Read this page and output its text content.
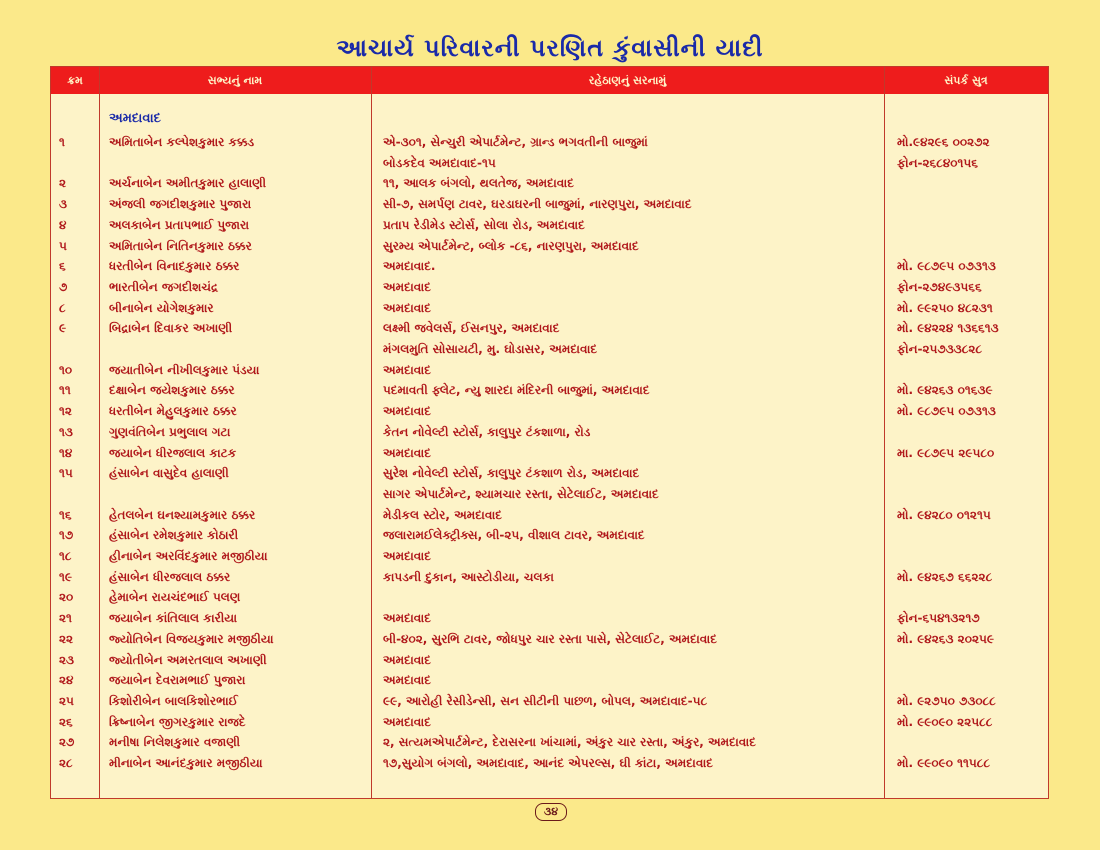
આચાર્ય પરિવારની પરણિત કુંવાસીની યાદી
ક્રમ	સભ્યનું નામ	રહેઠાણનું સરનામું	સંપર્ક સુત્ર
અમદાવાદ
૧	અમિતાબેન કલ્પેશકુમાર કક્કડ	એ-૩૦૧, સેન્ચુરી એપાર્ટમેન્ટ, ગ્રાન્ડ ભગવતીની બાજુમાં	મો.૯૪૨૯૬ ૦૦૨૭૨
બોડકદેવ અમદાવાદ-૧૫	ફોન-૨૬૮૪૦૧૫૬
૨	અર્ચનાબેન અમીતકુમાર હાલાણી	૧૧, આલક બંગલો, થલતેજ, અમદાવાદ
૩	અંજલી જગદીશકુમાર પુજારા	સી-૭, સમર્પણ ટાવર, ઘરડાઘરની બાજુમાં, નારણપુરા, અમદાવાદ
૪	અલકાબેન પ્રતાપભાઈ પુજારા	પ્રતાપ રેડીમેડ સ્ટોર્સ, સોલા રોડ, અમદાવાદ
૫	અમિતાબેન નિતિનકુમાર ઠક્કર	સુરમ્ય એપાર્ટમેન્ટ, બ્લોક -૮૬, નારણપુરા, અમદાવાદ
૬	ધરતીબેન વિનાદકુમાર ઠક્કર	અમદાવાદ.	મો. ૯૮૭૯૫ ૦૭૩૧૩
૭	ભારતીબેન જગદીશચંદ્ર	અમદાવાદ	ફોન-૨૭૪૯૩૫૬૬
૮	બીનાબેન યોગેશકુમાર	અમદાવાદ	મો. ૯૯૨૫૦ ૪૮૨૩૧
૯	બિદ્રાબેન દિવાકર અખાણી	લક્ષ્મી જવેલર્સ, ઈસનપુર, અમદાવાદ	મો. ૯૪૨૨૪ ૧૩૬૬૧૩
મંગલમુતિ સોસાયટી, મુ. ઘોડાસર, અમદાવાદ	ફોન-૨૫૭૩૩૮૨૮
૧૦	જયાતીબેન નીખીલકુમાર પંડયા	અમદાવાદ
૧૧	દક્ષાબેન જયેશકુમાર ઠક્કર	પદમાવતી ફ્લેટ, ન્યુ શારદા મંદિરની બાજુમાં, અમદાવાદ	મો. ૯૪૨૬૩ ૦૧૬૩૯
૧૨	ધરતીબેન મેહુલકુમાર ઠક્કર	અમદાવાદ	મો. ૯૮૭૯૫ ૦૭૩૧૩
૧૩	ગુણવંતિબેન પ્રભુલાલ ગટા	કેતન નોવેલ્ટી સ્ટોર્સ, કાલુપુર ટંકશાળા, રોડ
૧૪	જયાબેન ધીરજલાલ કાટક	અમદાવાદ	મા. ૯૮૭૯૫ ૨૯૫૮૦
૧૫	હંસાબેન વાસુદેવ હાલાણી	સુરેશ નોવેલ્ટી સ્ટોર્સ, કાલુપુર ટંકશાળ રોડ, અમદાવાદ
સાગર એપાર્ટમેન્ટ, શ્યામચાર રસ્તા, સેટેલાઈટ, અમદાવાદ
૧૬	હેતલબેન ઘનશ્યામકુમાર ઠક્કર	મેડીકલ સ્ટોર, અમદાવાદ	મો. ૯૪૨૮૦ ૦૧૨૧૫
૧૭	હંસાબેન રમેશકુમાર કોઠારી	જલારામઈલેક્ટ્રીક્સ, બી-૨૫, વીશાલ ટાવર, અમદાવાદ
૧૮	હીનાબેન અરવિંદકુમાર મજીઠીયા	અમદાવાદ
૧૯	હંસાબેન ધીરજલાલ ઠક્કર	કાપડની દુકાન, આસ્ટોડીયા, ચલકા	મો. ૯૪૨૬૭ ૬૬૨૨૮
૨૦	હેમાબેન રાયચંદભાઈ પલણ
૨૧	જયાબેન કાંતિલાલ કારીયા	અમદાવાદ	ફોન-૬૫૪૧૩૨૧૭
૨૨	જ્યોતિબેન વિજયકુમાર મજીઠીયા	બી-૪૦૨, સુરભિ ટાવર, જોધપુર ચાર રસ્તા પાસે, સેટેલાઈટ, અમદાવાદ	મો. ૯૪૨૬૩ ૨૦૨૫૯
૨૩	જ્યોતીબેન અમરતલાલ અખાણી	અમદાવાદ
૨૪	જયાબેન દેવરામભાઈ પુજારા	અમદાવાદ
૨૫	કિશોરીબેન બાલકિશોરભાઈ	૯૯, આરોહી રેસીડેન્સી, સન સીટીની પાછળ, બોપલ, અમદાવાદ-૫૮	મો. ૯૨૭૫૦ ૭૩૦૮૮
૨૬	ક્રિષ્નાબેન જીગરકુમાર રાજદે	અમદાવાદ	મો. ૯૯૦૯૦ ૨૨૫૮૮
૨૭	મનીષા નિલેશકુમાર વજાણી	૨, સત્યમએપાર્ટમેન્ટ, દેરાસરના ખાંચામાં, અંકુર ચાર રસ્તા, અંકુર, અમદાવાદ
૨૮	મીનાબેન આનંદકુમાર મજીઠીયા	૧૭,સુયોગ બંગલો, અમદાવાદ, આનંદ એપરલ્સ, ઘી કાંટા, અમદાવાદ	મો. ૯૯૦૯૦ ૧૧૫૮૮
૩૪
